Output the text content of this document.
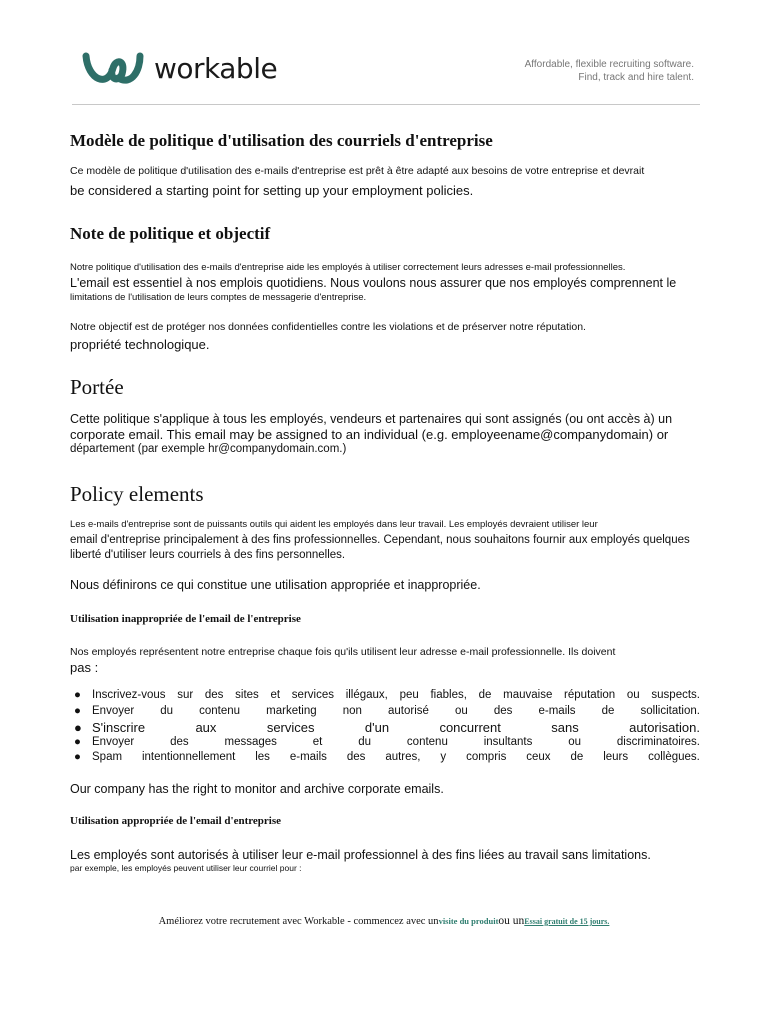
workable	Affordable, flexible recruiting software.
Find, track and hire talent.
Modèle de politique d'utilisation des courriels d'entreprise
Ce modèle de politique d'utilisation des e-mails d'entreprise est prêt à être adapté aux besoins de votre entreprise et devrait
be considered a starting point for setting up your employment policies.
Note de politique et objectif
Notre politique d'utilisation des e-mails d'entreprise aide les employés à utiliser correctement leurs adresses e-mail professionnelles.
L'email est essentiel à nos emplois quotidiens. Nous voulons nous assurer que nos employés comprennent le
limitations de l'utilisation de leurs comptes de messagerie d'entreprise.
Notre objectif est de protéger nos données confidentielles contre les violations et de préserver notre réputation.
propriété technologique.
Portée
Cette politique s'applique à tous les employés, vendeurs et partenaires qui sont assignés (ou ont accès à) un
corporate email. This email may be assigned to an individual (e.g. employeename@companydomain) or
département (par exemple hr@companydomain.com.)
Policy elements
Les e-mails d'entreprise sont de puissants outils qui aident les employés dans leur travail. Les employés devraient utiliser leur
email d'entreprise principalement à des fins professionnelles. Cependant, nous souhaitons fournir aux employés quelques
liberté d'utiliser leurs courriels à des fins personnelles.
Nous définirons ce qui constitue une utilisation appropriée et inappropriée.
Utilisation inappropriée de l'email de l'entreprise
Nos employés représentent notre entreprise chaque fois qu'ils utilisent leur adresse e-mail professionnelle. Ils doivent
pas :
● Inscrivez-vous sur des sites et services illégaux, peu fiables, de mauvaise réputation ou suspects.
● Envoyer du contenu marketing non autorisé ou des e-mails de sollicitation.
● S'inscrire	aux	services	d'un	concurrent	sans	autorisation.
● Envoyer	des	messages	et	du	contenu	insultants	ou	discriminatoires.
● Spam intentionnellement les e-mails des autres, y compris ceux de leurs collègues.
Our company has the right to monitor and archive corporate emails.
Utilisation appropriée de l'email d'entreprise
Les employés sont autorisés à utiliser leur e-mail professionnel à des fins liées au travail sans limitations.
par exemple, les employés peuvent utiliser leur courriel pour :
Améliorez votre recrutement avec Workable - commencez avec unvisite du produitou unEssai gratuit de 15 jours.
